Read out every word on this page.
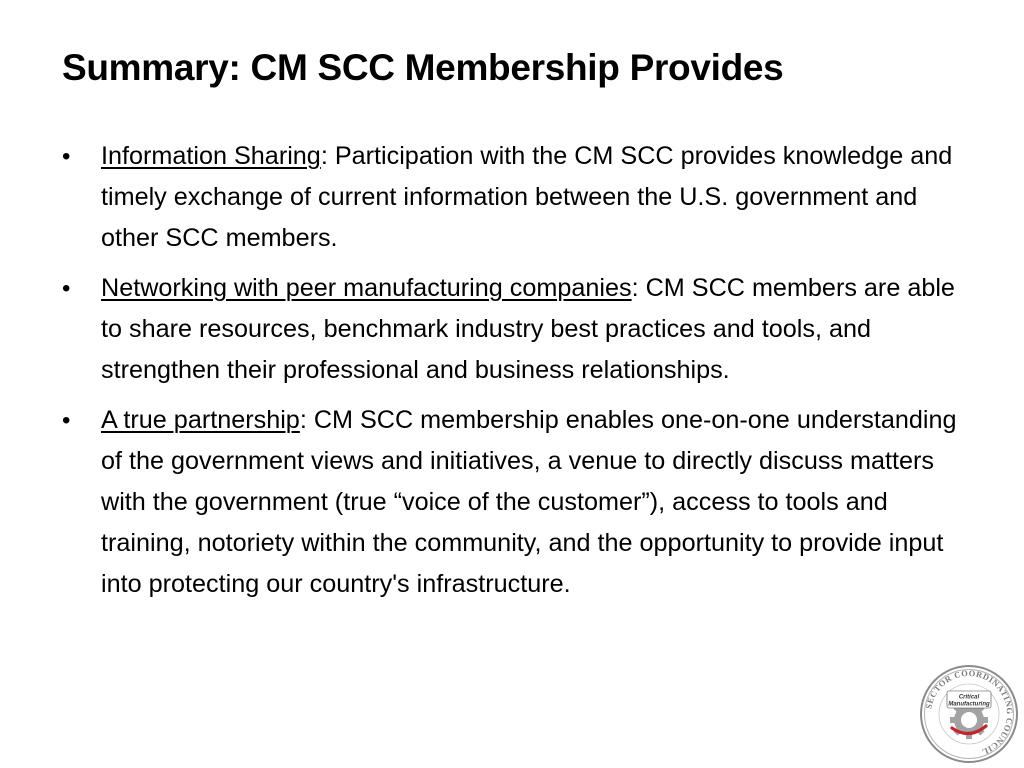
Summary: CM SCC Membership Provides
• Information Sharing: Participation with the CM SCC provides knowledge and timely exchange of current information between the U.S. government and other SCC members.
• Networking with peer manufacturing companies: CM SCC members are able to share resources, benchmark industry best practices and tools, and strengthen their professional and business relationships.
• A true partnership: CM SCC membership enables one-on-one understanding of the government views and initiatives, a venue to directly discuss matters with the government (true “voice of the customer”), access to tools and training, notoriety within the community, and the opportunity to provide input into protecting our country's infrastructure.
SECTOR COORDINATING COUNCIL
Critical
Manufacturing
